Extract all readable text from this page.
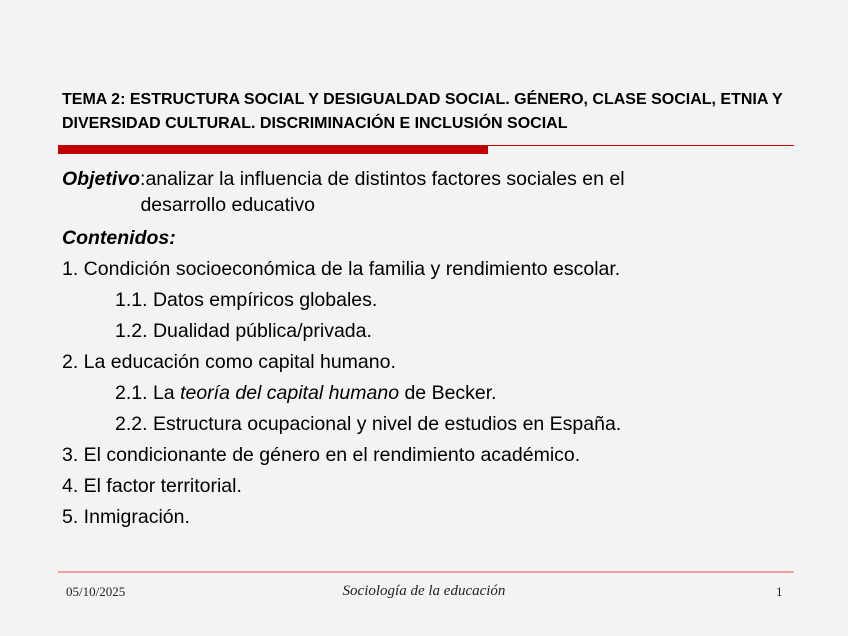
TEMA 2: ESTRUCTURA SOCIAL Y DESIGUALDAD SOCIAL. GÉNERO, CLASE SOCIAL, ETNIA Y DIVERSIDAD CULTURAL. DISCRIMINACIÓN E INCLUSIÓN SOCIAL
Objetivo: analizar la influencia de distintos factores sociales en el
desarrollo educativo
Contenidos:
1. Condición socioeconómica de la familia y rendimiento escolar.
1.1. Datos empíricos globales.
1.2. Dualidad pública/privada.
2. La educación como capital humano.
2.1. La teoría del capital humano de Becker.
2.2. Estructura ocupacional y nivel de estudios en España.
3. El condicionante de género en el rendimiento académico.
4. El factor territorial.
5. Inmigración.
05/10/2025	Sociología de la educación	1
